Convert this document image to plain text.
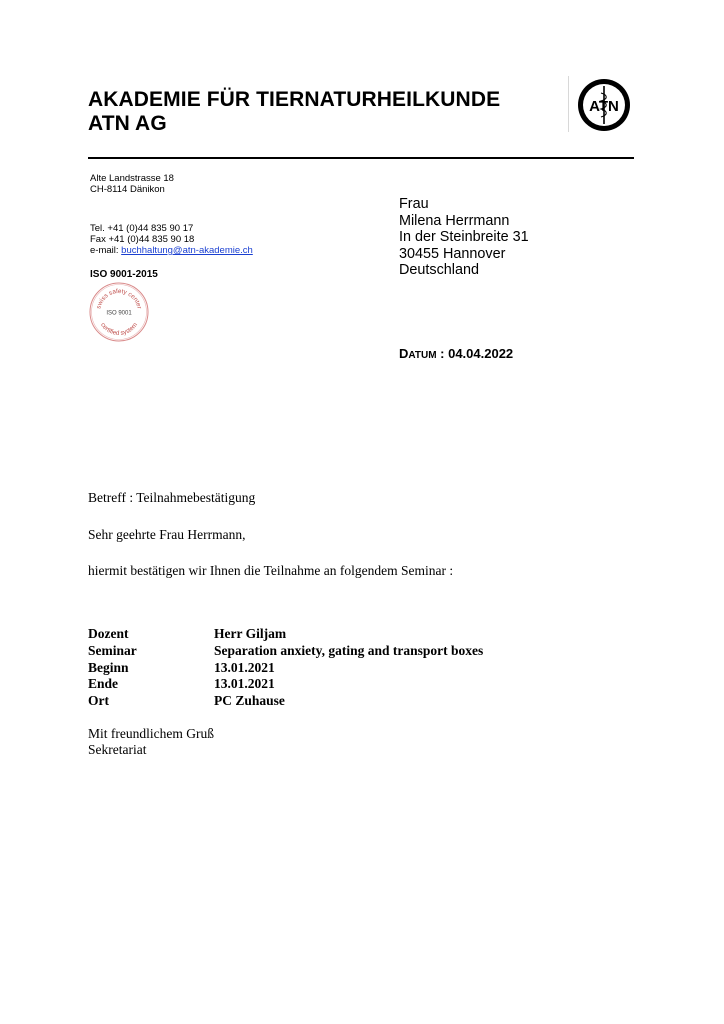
AKADEMIE FÜR TIERNATURHEILKUNDE
ATN AG
ATN
Alte Landstrasse 18
CH-8114 Dänikon
Tel. +41 (0)44 835 90 17
Fax +41 (0)44 835 90 18
e-mail: buchhaltung@atn-akademie.ch
ISO 9001-2015
swiss safety center
ISO 9001
certified system
Frau
Milena Herrmann
In der Steinbreite 31
30455 Hannover
Deutschland
DATUM : 04.04.2022
Betreff : Teilnahmebestätigung
Sehr geehrte Frau Herrmann,
hiermit bestätigen wir Ihnen die Teilnahme an folgendem Seminar :
Dozent	Herr Giljam
Seminar	Separation anxiety, gating and transport boxes
Beginn	13.01.2021
Ende	13.01.2021
Ort	PC Zuhause
Mit freundlichem Gruß
Sekretariat
